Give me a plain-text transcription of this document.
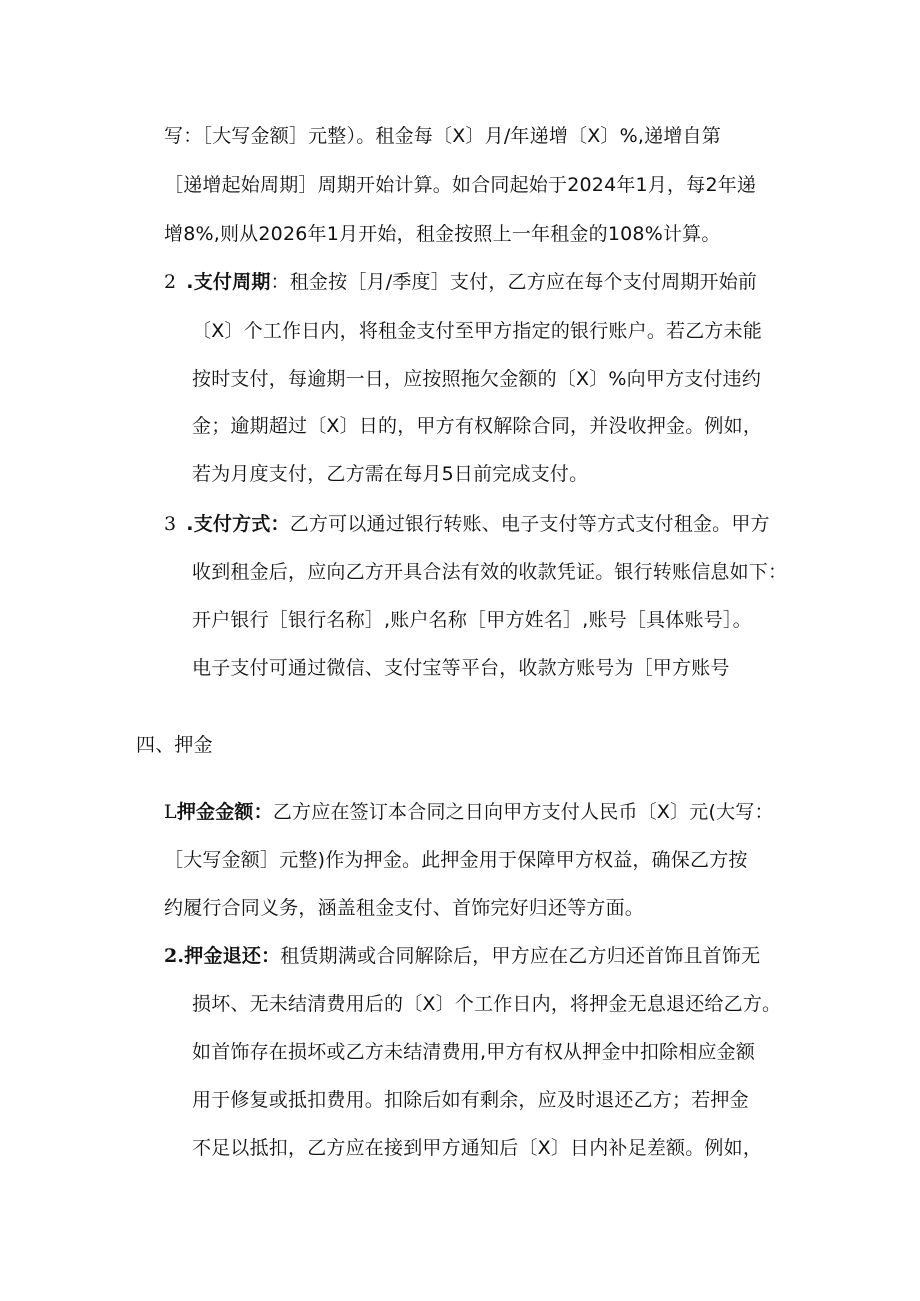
写：［大写金额］元整）。租金每〔X〕月/年递增〔X〕%,递增自第
［递增起始周期］周期开始计算。如合同起始于2024年1月，每2年递
增8%,则从2026年1月开始，租金按照上一年租金的108%计算。
2 .支付周期：租金按［月/季度］支付，乙方应在每个支付周期开始前
〔X〕个工作日内，将租金支付至甲方指定的银行账户。若乙方未能
按时支付，每逾期一日，应按照拖欠金额的〔X〕%向甲方支付违约
金；逾期超过〔X〕日的，甲方有权解除合同，并没收押金。例如，
若为月度支付，乙方需在每月5日前完成支付。
3 .支付方式：乙方可以通过银行转账、电子支付等方式支付租金。甲方
收到租金后，应向乙方开具合法有效的收款凭证。银行转账信息如下：
开户银行［银行名称］,账户名称［甲方姓名］,账号［具体账号］。
电子支付可通过微信、支付宝等平台，收款方账号为［甲方账号
四、押金
L押金金额：乙方应在签订本合同之日向甲方支付人民币〔X〕元(大写：
［大写金额］元整)作为押金。此押金用于保障甲方权益，确保乙方按
约履行合同义务，涵盖租金支付、首饰完好归还等方面。
2.押金退还：租赁期满或合同解除后，甲方应在乙方归还首饰且首饰无
损坏、无未结清费用后的〔X〕个工作日内，将押金无息退还给乙方。
如首饰存在损坏或乙方未结清费用,甲方有权从押金中扣除相应金额
用于修复或抵扣费用。扣除后如有剩余，应及时退还乙方；若押金
不足以抵扣，乙方应在接到甲方通知后〔X〕日内补足差额。例如，
